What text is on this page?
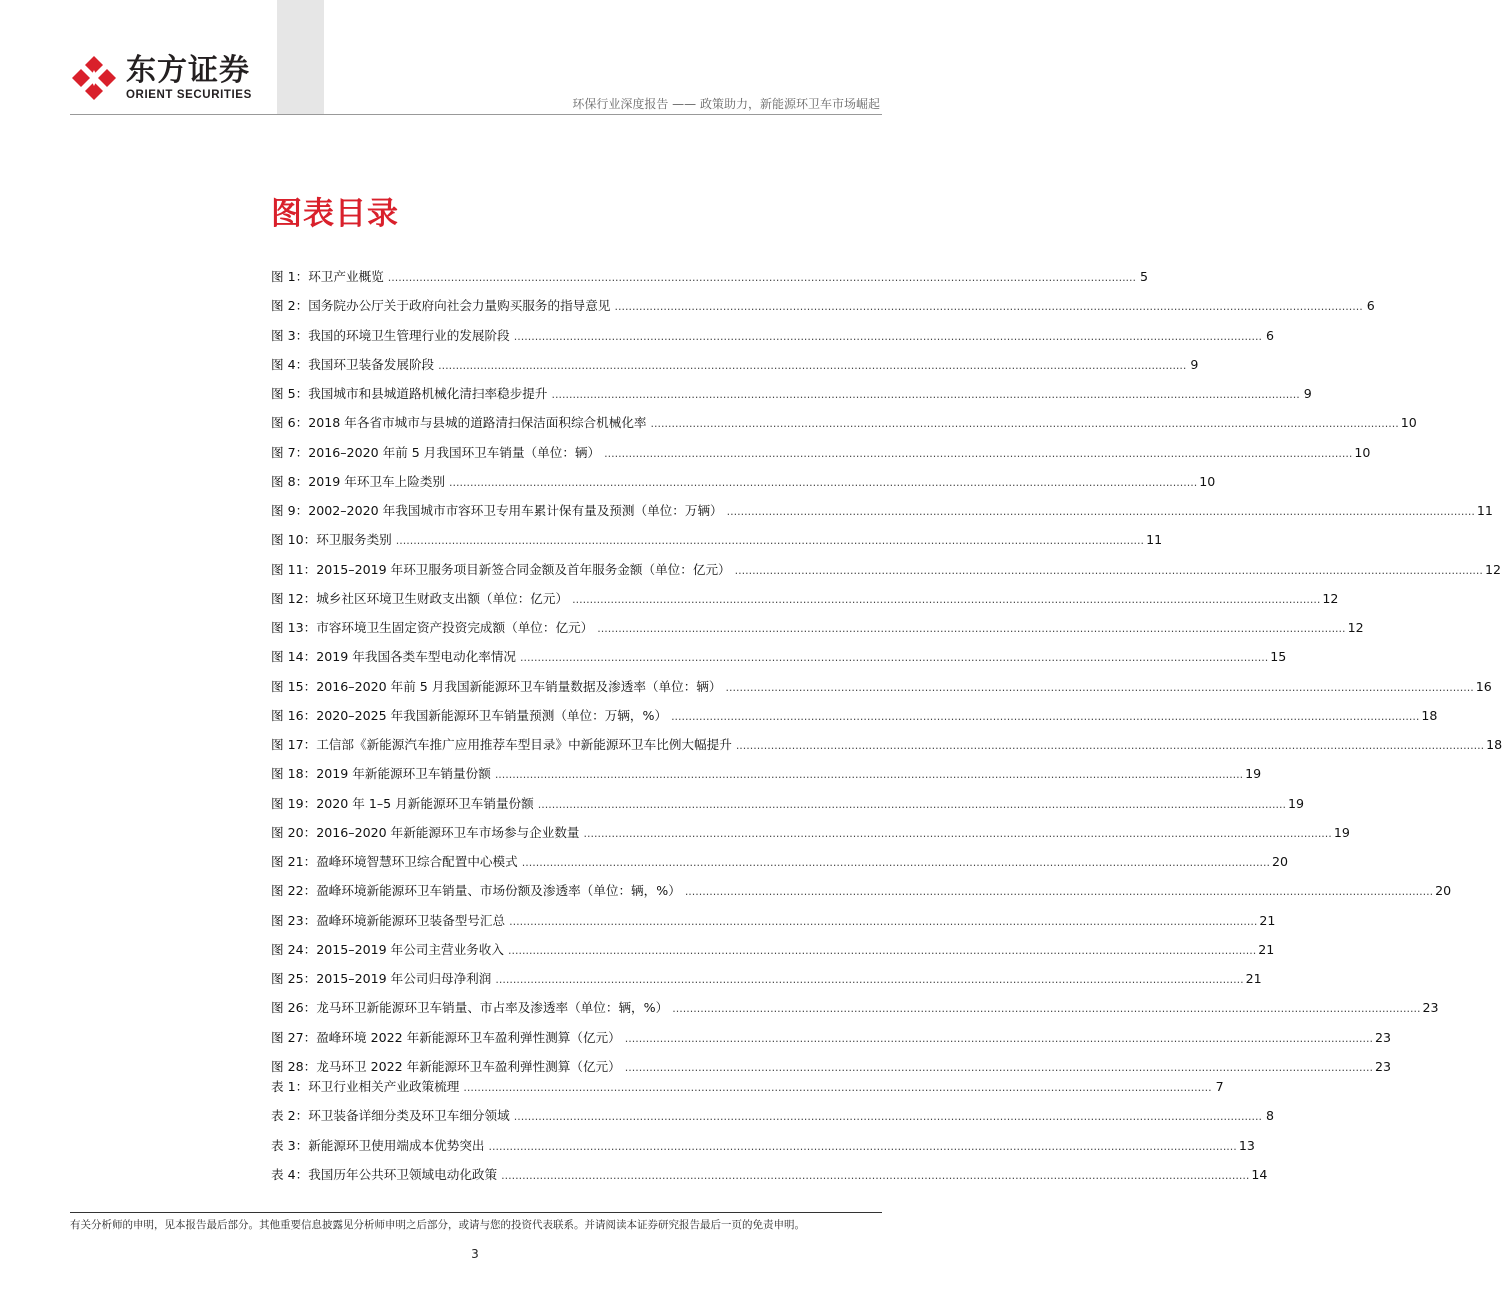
东方证券
ORIENT SECURITIES
环保行业深度报告 —— 政策助力，新能源环卫车市场崛起
图表目录
图 1：环卫产业概览 .....	5
图 2：国务院办公厅关于政府向社会力量购买服务的指导意见 .....	6
图 3：我国的环境卫生管理行业的发展阶段 .....	6
图 4：我国环卫装备发展阶段 .....	9
图 5：我国城市和县城道路机械化清扫率稳步提升 .....	9
图 6：2018 年各省市城市与县城的道路清扫保洁面积综合机械化率 .....	10
图 7：2016–2020 年前 5 月我国环卫车销量（单位：辆） .....	10
图 8：2019 年环卫车上险类别 .....	10
图 9：2002–2020 年我国城市市容环卫专用车累计保有量及预测（单位：万辆） .....	11
图 10：环卫服务类别 .....	11
图 11：2015–2019 年环卫服务项目新签合同金额及首年服务金额（单位：亿元） .....	12
图 12：城乡社区环境卫生财政支出额（单位：亿元） .....	12
图 13：市容环境卫生固定资产投资完成额（单位：亿元） .....	12
图 14：2019 年我国各类车型电动化率情况 .....	15
图 15：2016–2020 年前 5 月我国新能源环卫车销量数据及渗透率（单位：辆） .....	16
图 16：2020–2025 年我国新能源环卫车销量预测（单位：万辆，%） .....	18
图 17：工信部《新能源汽车推广应用推荐车型目录》中新能源环卫车比例大幅提升 .....	18
图 18：2019 年新能源环卫车销量份额 .....	19
图 19：2020 年 1–5 月新能源环卫车销量份额 .....	19
图 20：2016–2020 年新能源环卫车市场参与企业数量 .....	19
图 21：盈峰环境智慧环卫综合配置中心模式 .....	20
图 22：盈峰环境新能源环卫车销量、市场份额及渗透率（单位：辆，%） .....	20
图 23：盈峰环境新能源环卫装备型号汇总 .....	21
图 24：2015–2019 年公司主营业务收入 .....	21
图 25：2015–2019 年公司归母净利润 .....	21
图 26：龙马环卫新能源环卫车销量、市占率及渗透率（单位：辆，%） .....	23
图 27：盈峰环境 2022 年新能源环卫车盈利弹性测算（亿元） .....	23
图 28：龙马环卫 2022 年新能源环卫车盈利弹性测算（亿元） .....	23
表 1：环卫行业相关产业政策梳理 .....	7
表 2：环卫装备详细分类及环卫车细分领域 .....	8
表 3：新能源环卫使用端成本优势突出 .....	13
表 4：我国历年公共环卫领域电动化政策 .....	14
有关分析师的申明，见本报告最后部分。其他重要信息披露见分析师申明之后部分，或请与您的投资代表联系。并请阅读本证券研究报告最后一页的免责申明。
3
